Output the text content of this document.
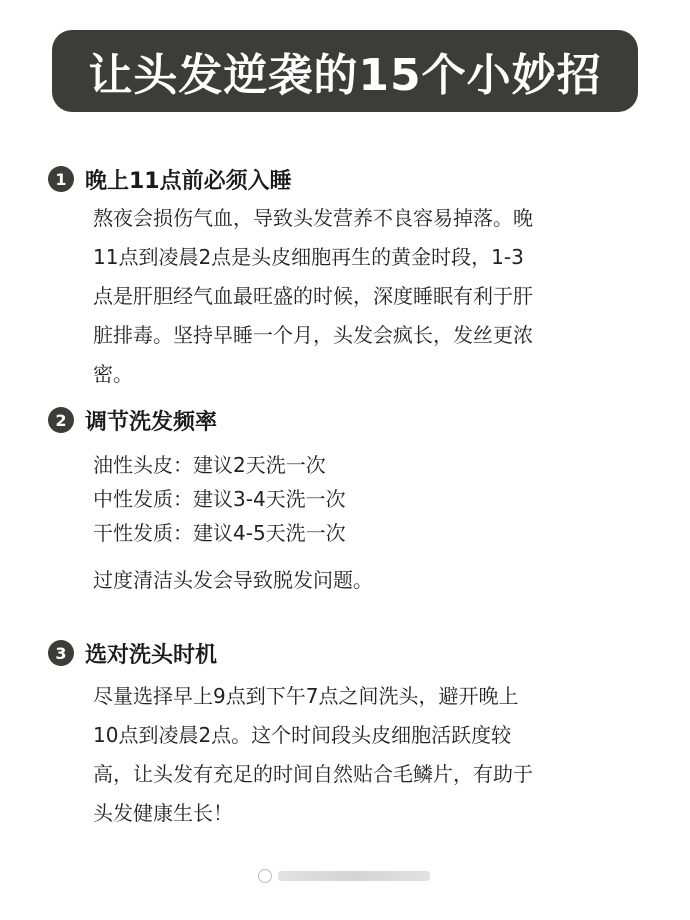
让头发逆袭的15个小妙招
1 晚上11点前必须入睡
熬夜会损伤气血，导致头发营养不良容易掉落。晚
11点到凌晨2点是头皮细胞再生的黄金时段，1-3
点是肝胆经气血最旺盛的时候，深度睡眠有利于肝
脏排毒。坚持早睡一个月，头发会疯长，发丝更浓
密。
2 调节洗发频率
油性头皮：建议2天洗一次
中性发质：建议3-4天洗一次
干性发质：建议4-5天洗一次
过度清洁头发会导致脱发问题。
3 选对洗头时机
尽量选择早上9点到下午7点之间洗头，避开晚上
10点到凌晨2点。这个时间段头皮细胞活跃度较
高，让头发有充足的时间自然贴合毛鳞片，有助于
头发健康生长！
